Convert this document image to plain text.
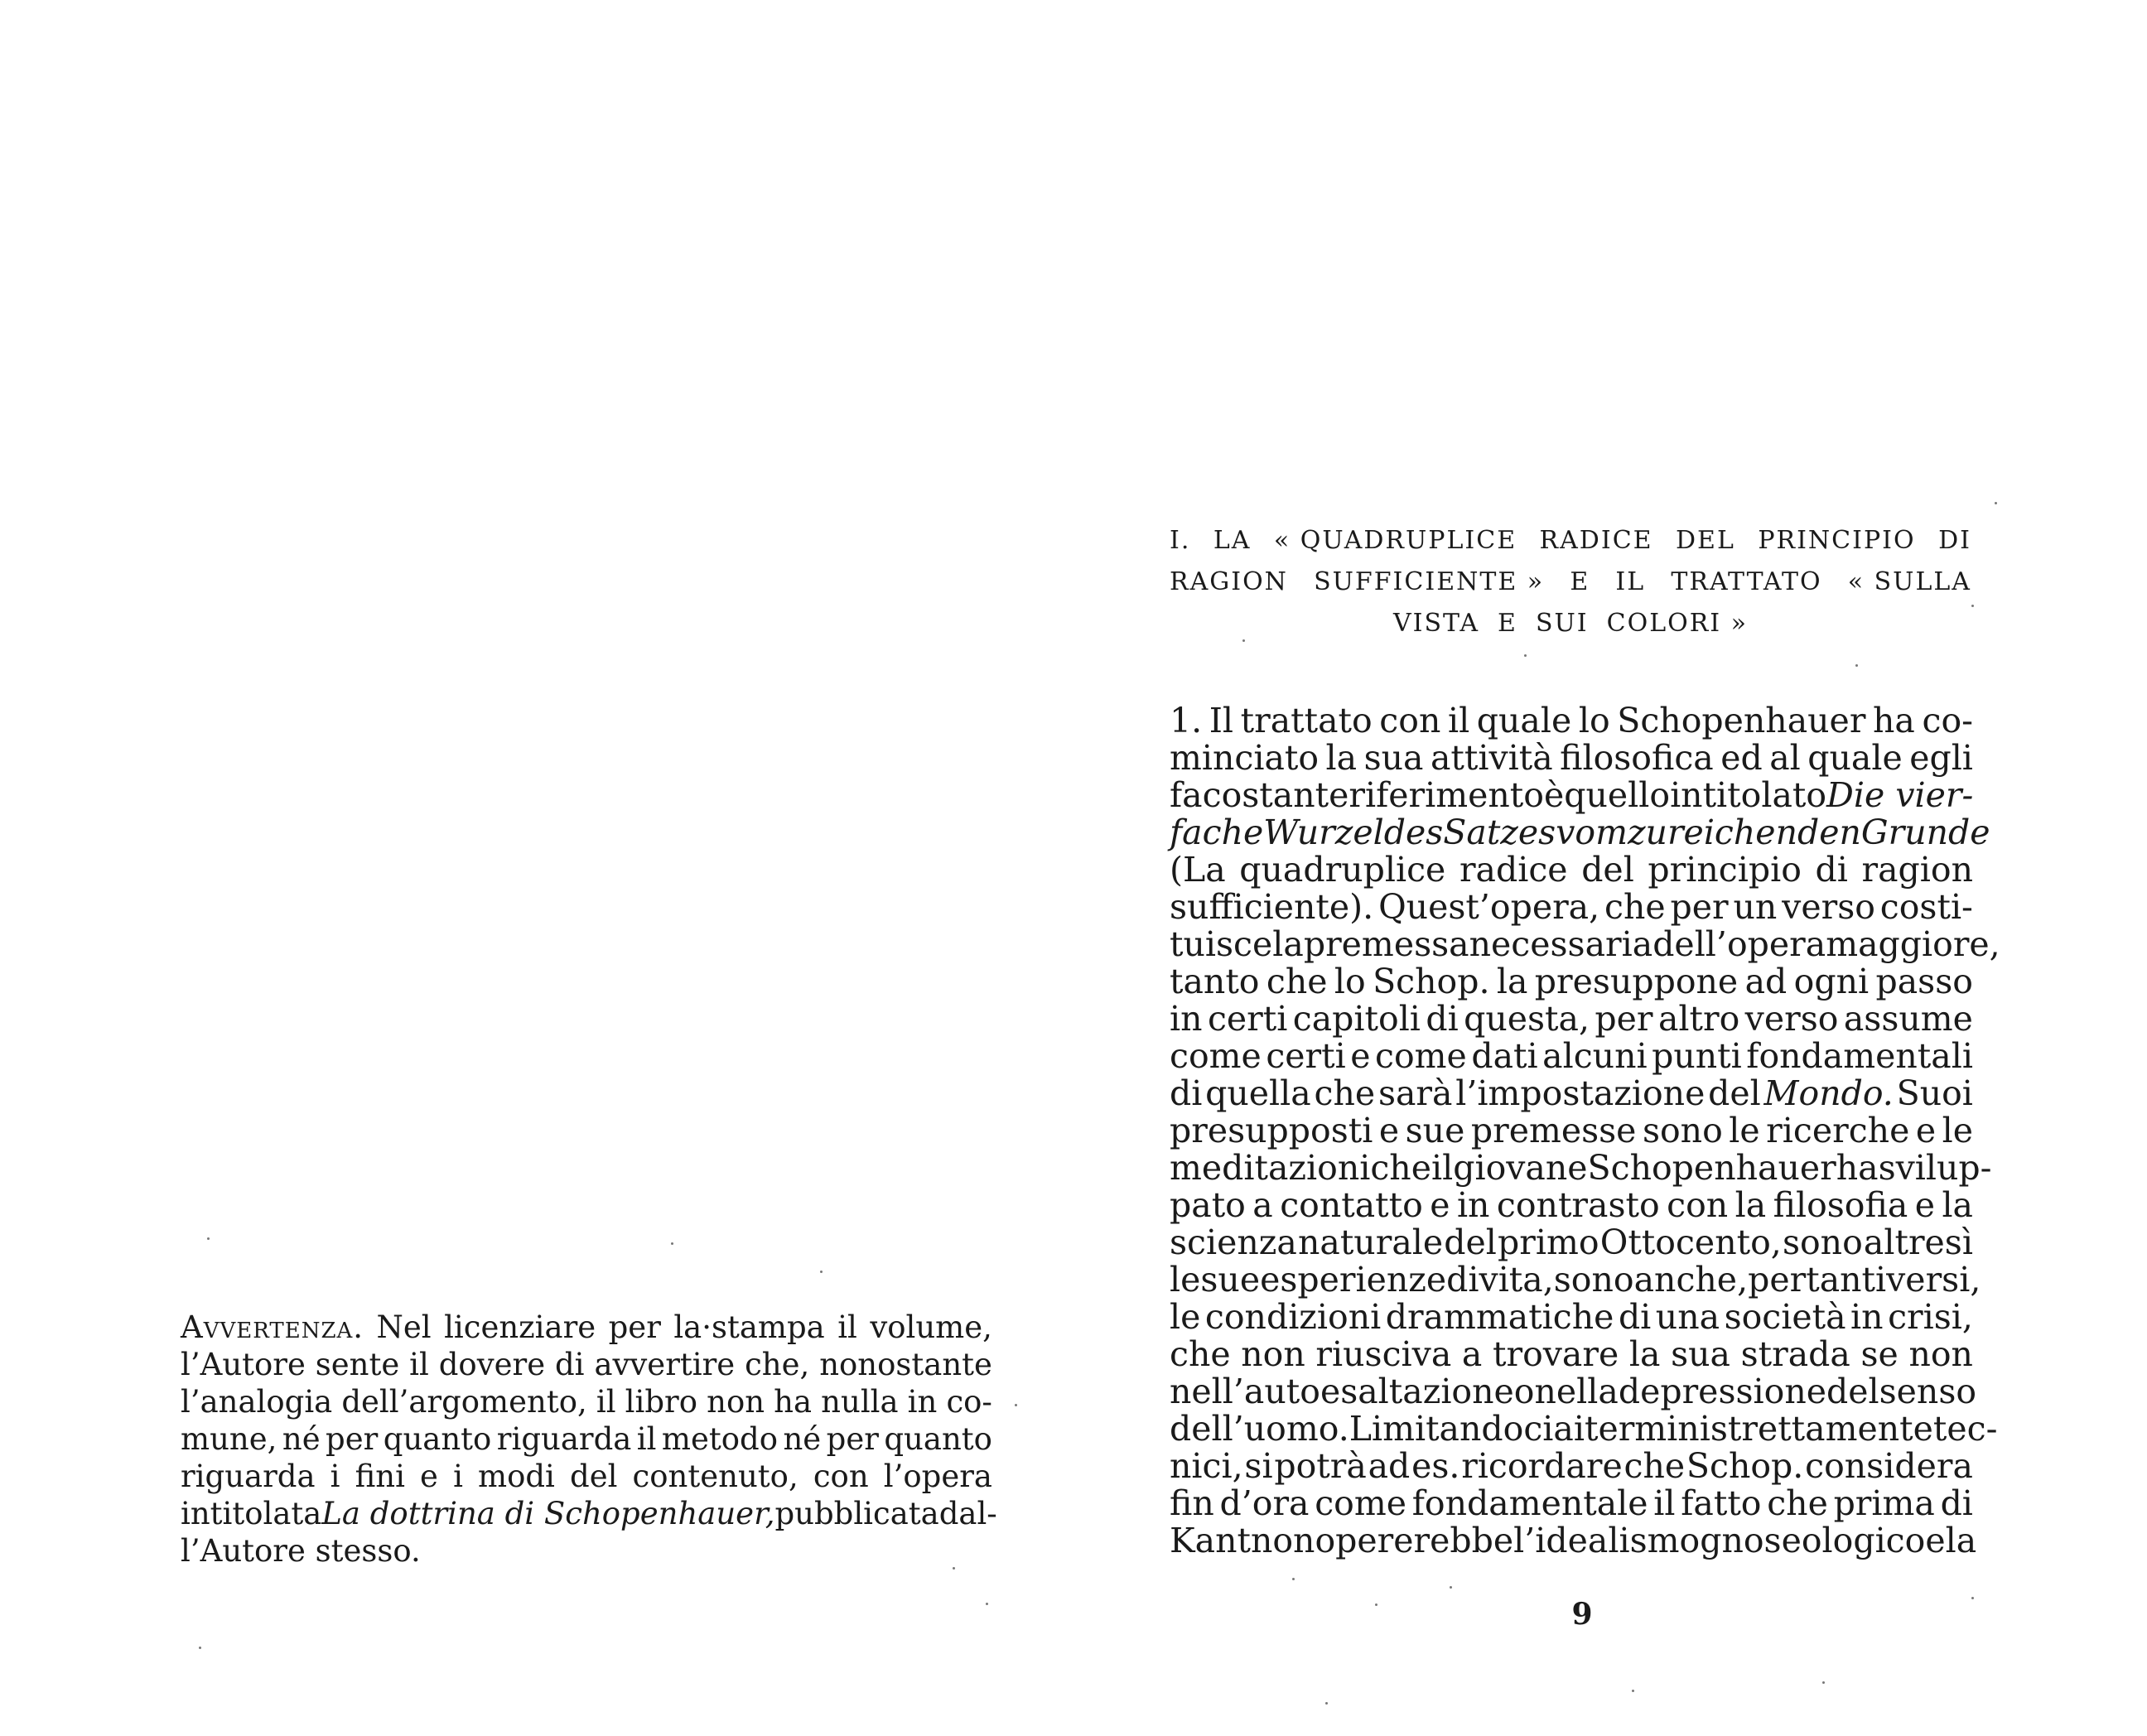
Avvertenza. Nel licenziare per la·stampa il volume,
l’Autore sente il dovere di avvertire che, nonostante
l’analogia dell’argomento, il libro non ha nulla in co-
mune, né per quanto riguarda il metodo né per quanto
riguarda i fini e i modi del contenuto, con l’opera
intitolata La dottrina di Schopenhauer, pubblicata dal-
l’Autore stesso.
I. LA « QUADRUPLICE RADICE DEL PRINCIPIO DI
RAGION SUFFICIENTE » E IL TRATTATO « SULLA
VISTA E SUI COLORI »
1. Il trattato con il quale lo Schopenhauer ha co-
minciato la sua attività filosofica ed al quale egli
fa costante riferimento è quello intitolato Die vier-
fache Wurzel des Satzes vom zureichenden Grunde
(La quadruplice radice del principio di ragion
sufficiente). Quest’opera, che per un verso costi-
tuisce la premessa necessaria dell’opera maggiore,
tanto che lo Schop. la presuppone ad ogni passo
in certi capitoli di questa, per altro verso assume
come certi e come dati alcuni punti fondamentali
di quella che sarà l’impostazione del Mondo. Suoi
presupposti e sue premesse sono le ricerche e le
meditazioni che il giovane Schopenhauer ha svilup-
pato a contatto e in contrasto con la filosofia e la
scienza naturale del primo Ottocento, sono altresì
le sue esperienze di vita, sono anche, per tanti versi,
le condizioni drammatiche di una società in crisi,
che non riusciva a trovare la sua strada se non
nell’autoesaltazione o nella depressione del senso
dell’uomo. Limitandoci ai termini strettamente tec-
nici, si potrà ad es. ricordare che Schop. considera
fin d’ora come fondamentale il fatto che prima di
Kant non opererebbe l’idealismo gnoseologico e la
9
